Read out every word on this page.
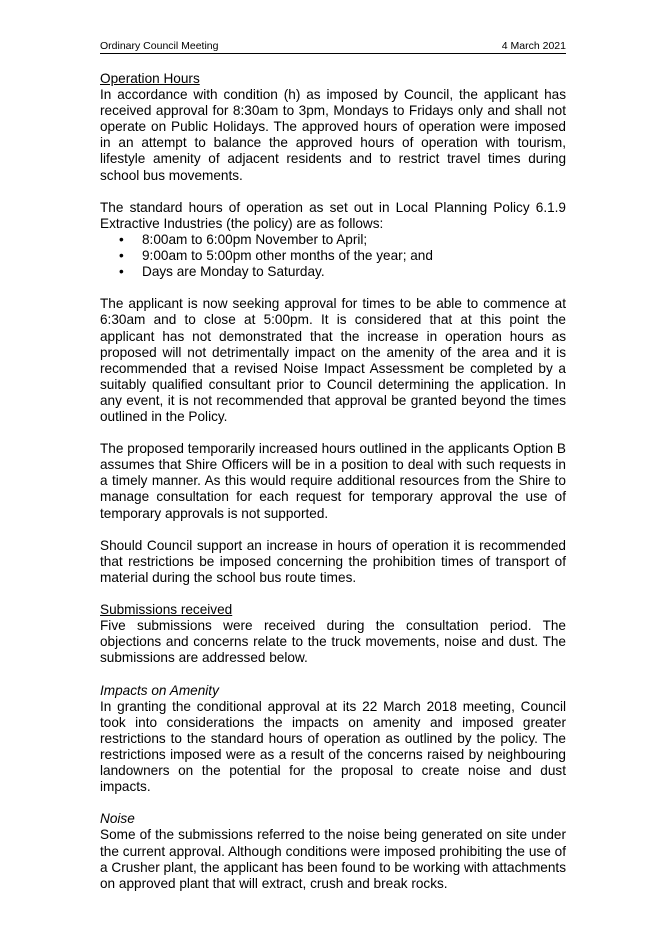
Ordinary Council Meeting	4 March 2021

Operation Hours

In accordance with condition (h) as imposed by Council, the applicant has received approval for 8:30am to 3pm, Mondays to Fridays only and shall not operate on Public Holidays. The approved hours of operation were imposed in an attempt to balance the approved hours of operation with tourism, lifestyle amenity of adjacent residents and to restrict travel times during school bus movements.

The standard hours of operation as set out in Local Planning Policy 6.1.9 Extractive Industries (the policy) are as follows:

• 8:00am to 6:00pm November to April;
• 9:00am to 5:00pm other months of the year; and
• Days are Monday to Saturday.

The applicant is now seeking approval for times to be able to commence at 6:30am and to close at 5:00pm. It is considered that at this point the applicant has not demonstrated that the increase in operation hours as proposed will not detrimentally impact on the amenity of the area and it is recommended that a revised Noise Impact Assessment be completed by a suitably qualified consultant prior to Council determining the application. In any event, it is not recommended that approval be granted beyond the times outlined in the Policy.

The proposed temporarily increased hours outlined in the applicants Option B assumes that Shire Officers will be in a position to deal with such requests in a timely manner. As this would require additional resources from the Shire to manage consultation for each request for temporary approval the use of temporary approvals is not supported.

Should Council support an increase in hours of operation it is recommended that restrictions be imposed concerning the prohibition times of transport of material during the school bus route times.

Submissions received

Five submissions were received during the consultation period. The objections and concerns relate to the truck movements, noise and dust. The submissions are addressed below.

Impacts on Amenity

In granting the conditional approval at its 22 March 2018 meeting, Council took into considerations the impacts on amenity and imposed greater restrictions to the standard hours of operation as outlined by the policy. The restrictions imposed were as a result of the concerns raised by neighbouring landowners on the potential for the proposal to create noise and dust impacts.

Noise

Some of the submissions referred to the noise being generated on site under the current approval. Although conditions were imposed prohibiting the use of a Crusher plant, the applicant has been found to be working with attachments on approved plant that will extract, crush and break rocks.
